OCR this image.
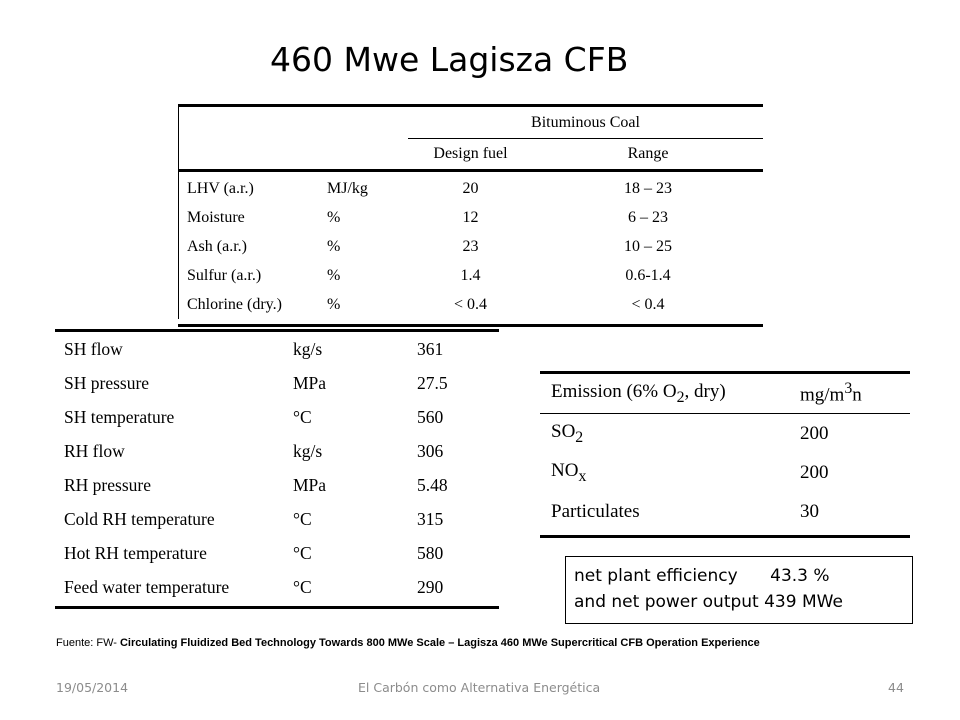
460 Mwe Lagisza CFB
Bituminous Coal
Design fuel	Range
LHV (a.r.)	MJ/kg	20	18 – 23
Moisture	%	12	6 – 23
Ash (a.r.)	%	23	10 – 25
Sulfur (a.r.)	%	1.4	0.6-1.4
Chlorine (dry.)	%	< 0.4	< 0.4
SH flow	kg/s	361
SH pressure	MPa	27.5
SH temperature	°C	560
RH flow	kg/s	306
RH pressure	MPa	5.48
Cold RH temperature	°C	315
Hot RH temperature	°C	580
Feed water temperature	°C	290
Emission (6% $O_2$, dry)	$mg/m^3n$
$SO_2$	200
$NO_x$	200
Particulates	30
net plant efficiency 43.3 %
and net power output 439 MWe
Fuente: FW- Circulating Fluidized Bed Technology Towards 800 MWe Scale – Lagisza 460 MWe Supercritical CFB Operation Experience
19/05/2014	El Carbón como Alternativa Energética	44
